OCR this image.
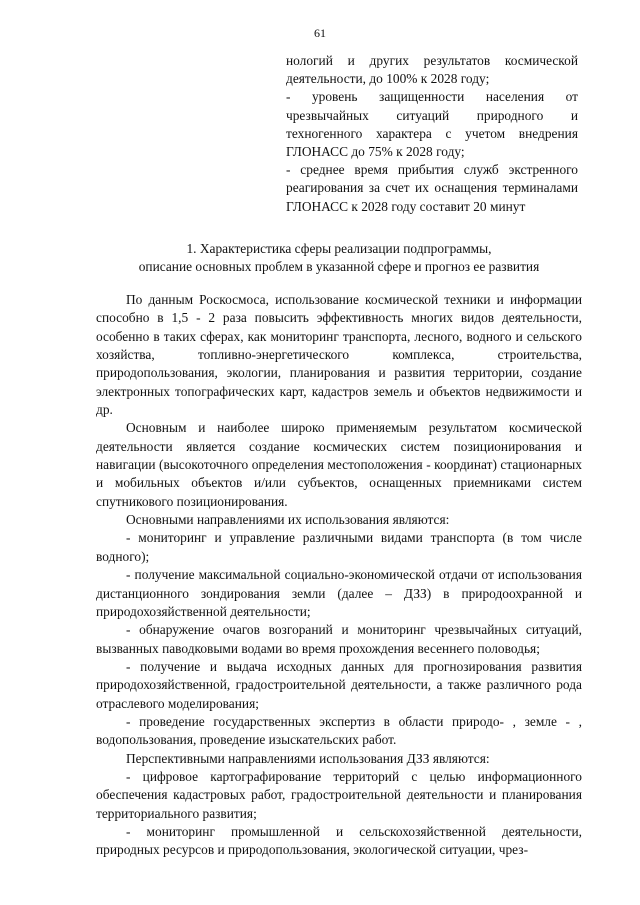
61

нологий и других результатов космической деятельности, до 100% к 2028 году;

- уровень защищенности населения от чрезвычайных ситуаций природного и техногенного характера с учетом внедрения ГЛОНАСС до 75% к 2028 году;

- среднее время прибытия служб экстренного реагирования за счет их оснащения терминалами ГЛОНАСС к 2028 году составит 20 минут

1. Характеристика сферы реализации подпрограммы,

описание основных проблем в указанной сфере и прогноз ее развития

По данным Роскосмоса, использование космической техники и информации способно в 1,5 - 2 раза повысить эффективность многих видов деятельности, особенно в таких сферах, как мониторинг транспорта, лесного, водного и сельского хозяйства, топливно-энергетического комплекса, строительства, природопользования, экологии, планирования и развития территории, создание электронных топографических карт, кадастров земель и объектов недвижимости и др.

Основным и наиболее широко применяемым результатом космической деятельности является создание космических систем позиционирования и навигации (высокоточного определения местоположения - координат) стационарных и мобильных объектов и/или субъектов, оснащенных приемниками систем спутникового позиционирования.

Основными направлениями их использования являются:

- мониторинг и управление различными видами транспорта (в том числе водного);

- получение максимальной социально-экономической отдачи от использования дистанционного зондирования земли (далее – ДЗЗ) в природоохранной и природохозяйственной деятельности;

- обнаружение очагов возгораний и мониторинг чрезвычайных ситуаций, вызванных паводковыми водами во время прохождения весеннего половодья;

- получение и выдача исходных данных для прогнозирования развития природохозяйственной, градостроительной деятельности, а также различного рода отраслевого моделирования;

- проведение государственных экспертиз в области природо- , земле - , водопользования, проведение изыскательских работ.

Перспективными направлениями использования ДЗЗ являются:

- цифровое картографирование территорий с целью информационного обеспечения кадастровых работ, градостроительной деятельности и планирования территориального развития;

- мониторинг промышленной и сельскохозяйственной деятельности, природных ресурсов и природопользования, экологической ситуации, чрез-
